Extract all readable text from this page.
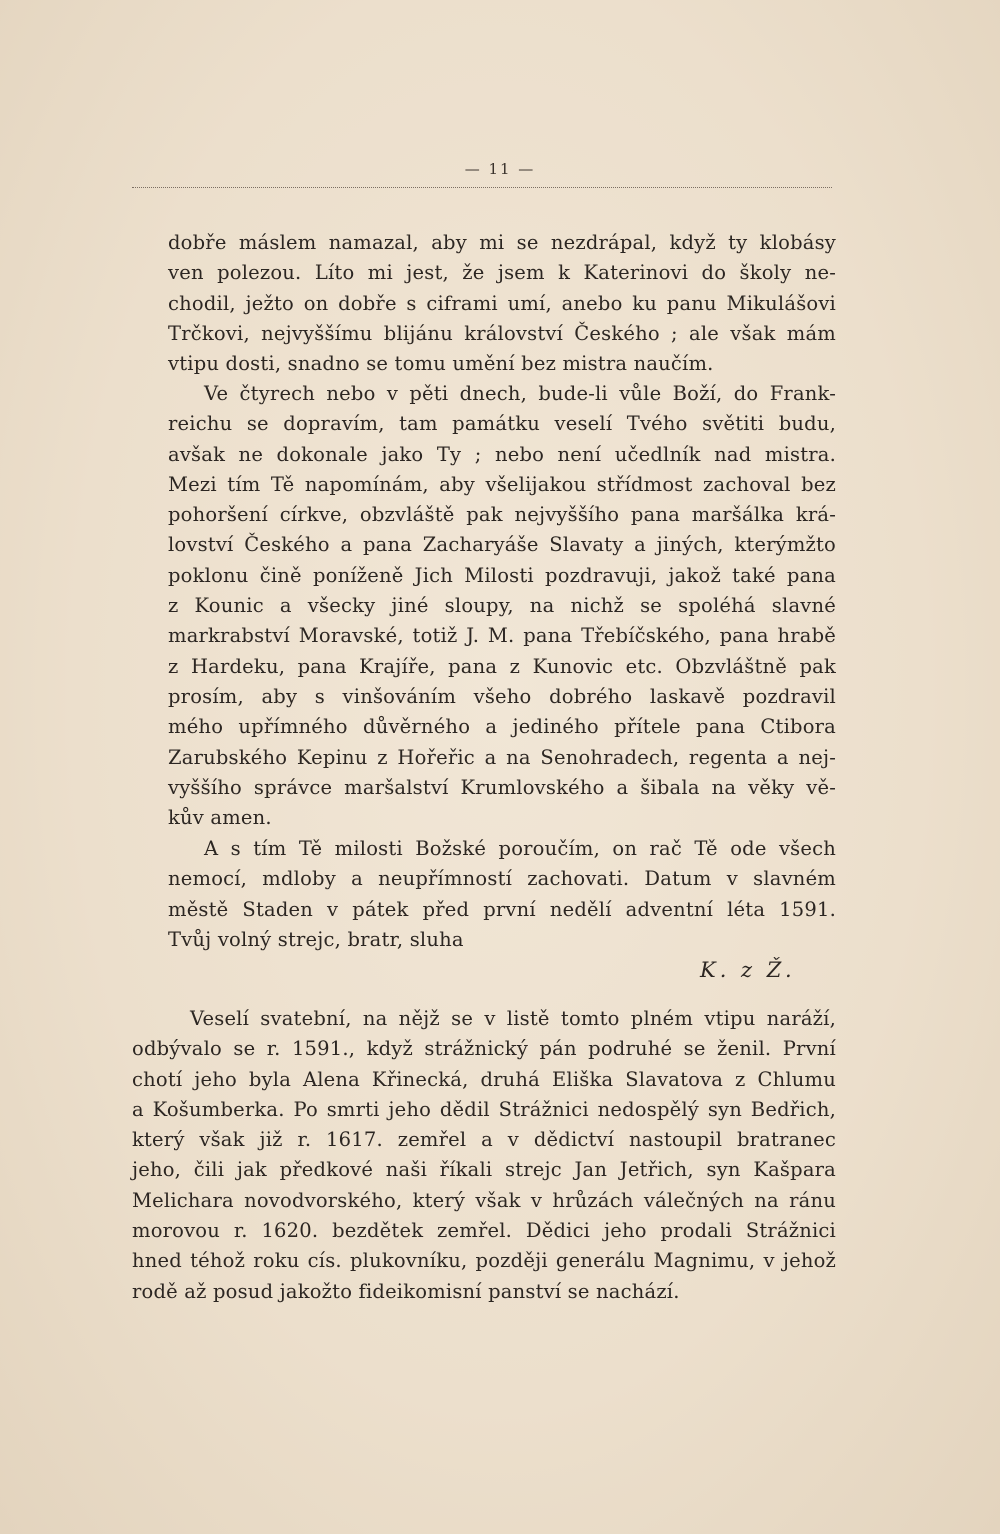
— 11 —
dobře máslem namazal, aby mi se nezdrápal, když ty klobásy
ven polezou. Líto mi jest, že jsem k Katerinovi do školy ne-
chodil, ježto on dobře s ciframi umí, anebo ku panu Mikulášovi
Trčkovi, nejvyššímu blijánu království Českého ; ale však mám
vtipu dosti, snadno se tomu umění bez mistra naučím.
Ve čtyrech nebo v pěti dnech, bude-li vůle Boží, do Frank-
reichu se dopravím, tam památku veselí Tvého světiti budu,
avšak ne dokonale jako Ty ; nebo není učedlník nad mistra.
Mezi tím Tě napomínám, aby všelijakou střídmost zachoval bez
pohoršení církve, obzvláště pak nejvyššího pana maršálka krá-
lovství Českého a pana Zacharyáše Slavaty a jiných, kterýmžto
poklonu čině poníženě Jich Milosti pozdravuji, jakož také pana
z Kounic a všecky jiné sloupy, na nichž se spoléhá slavné
markrabství Moravské, totiž J. M. pana Třebíčského, pana hrabě
z Hardeku, pana Krajíře, pana z Kunovic etc. Obzvláštně pak
prosím, aby s vinšováním všeho dobrého laskavě pozdravil
mého upřímného důvěrného a jediného přítele pana Ctibora
Zarubského Kepinu z Hořeřic a na Senohradech, regenta a nej-
vyššího správce maršalství Krumlovského a šibala na věky vě-
kův amen.
A s tím Tě milosti Božské poroučím, on rač Tě ode všech
nemocí, mdloby a neupřímností zachovati. Datum v slavném
městě Staden v pátek před první nedělí adventní léta 1591.
Tvůj volný strejc, bratr, sluha
K. z Ž.
Veselí svatební, na nějž se v listě tomto plném vtipu naráží,
odbývalo se r. 1591., když strážnický pán podruhé se ženil. První
chotí jeho byla Alena Křinecká, druhá Eliška Slavatova z Chlumu
a Košumberka. Po smrti jeho dědil Strážnici nedospělý syn Bedřich,
který však již r. 1617. zemřel a v dědictví nastoupil bratranec
jeho, čili jak předkové naši říkali strejc Jan Jetřich, syn Kašpara
Melichara novodvorského, který však v hrůzách válečných na ránu
morovou r. 1620. bezdětek zemřel. Dědici jeho prodali Strážnici
hned téhož roku cís. plukovníku, později generálu Magnimu, v jehož
rodě až posud jakožto fideikomisní panství se nachází.
